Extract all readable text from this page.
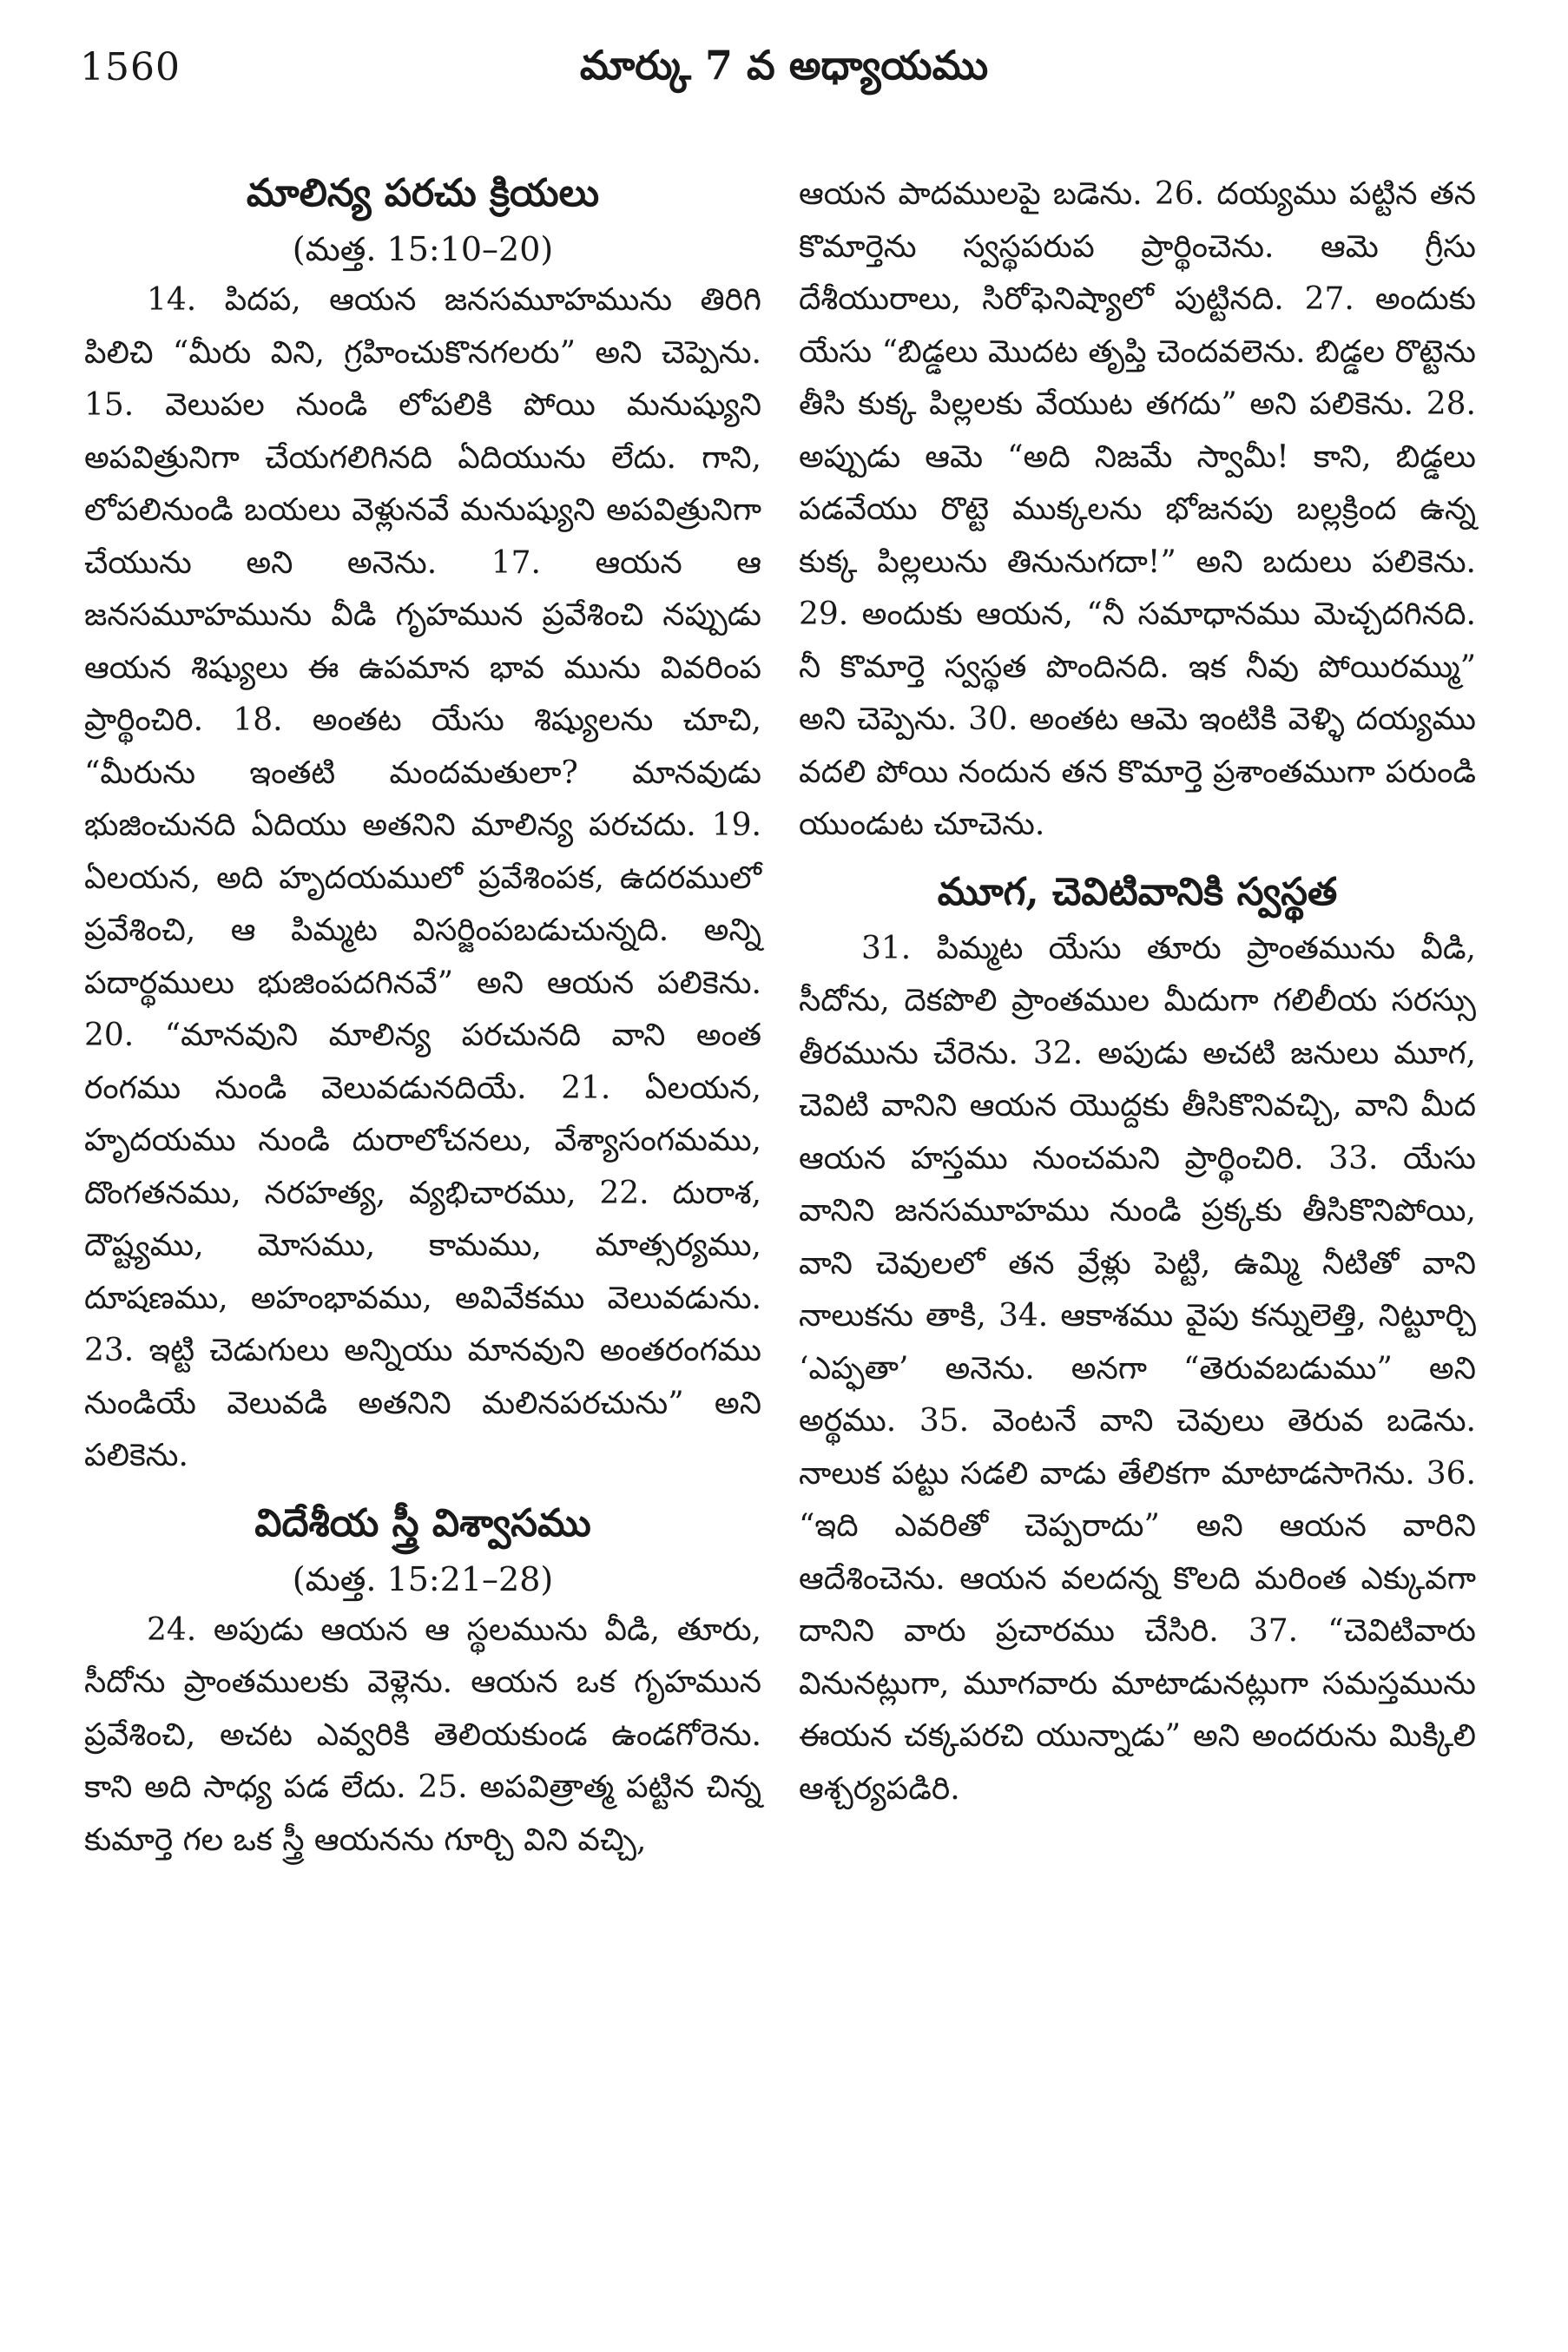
1560	మార్కు 7 వ అధ్యాయము

మాలిన్య పరచు క్రియలు

(మత్త. 15:10–20)

14. పిదప, ఆయన జనసమూహమును తిరిగి పిలిచి “మీరు విని, గ్రహించుకొనగలరు” అని చెప్పెను. 15. వెలుపల నుండి లోపలికి పోయి మనుష్యుని అపవిత్రునిగా చేయగలిగినది ఏదియును లేదు. గాని, లోపలినుండి బయలు వెళ్లునవే మనుష్యుని అపవిత్రునిగా చేయును అని అనెను. 17. ఆయన ఆ జనసమూహమును వీడి గృహమున ప్రవేశించి నప్పుడు ఆయన శిష్యులు ఈ ఉపమాన భావ మును వివరింప ప్రార్థించిరి. 18. అంతట యేసు శిష్యులను చూచి, “మీరును ఇంతటి మందమతులా? మానవుడు భుజించునది ఏదియు అతనిని మాలిన్య పరచదు. 19. ఏలయన, అది హృదయములో ప్రవేశింపక, ఉదరములో ప్రవేశించి, ఆ పిమ్మట విసర్జింపబడుచున్నది. అన్ని పదార్థములు భుజింపదగినవే” అని ఆయన పలికెను. 20. “మానవుని మాలిన్య పరచునది వాని అంత రంగము నుండి వెలువడునదియే. 21. ఏలయన, హృదయము నుండి దురాలోచనలు, వేశ్యాసంగమము, దొంగతనము, నరహత్య, వ్యభిచారము, 22. దురాశ, దౌష్ట్యము, మోసము, కామము, మాత్సర్యము, దూషణము, అహంభావము, అవివేకము వెలువడును. 23. ఇట్టి చెడుగులు అన్నియు మానవుని అంతరంగము నుండియే వెలువడి అతనిని మలినపరచును” అని పలికెను.

విదేశీయ స్త్రీ విశ్వాసము

(మత్త. 15:21–28)

24. అపుడు ఆయన ఆ స్థలమును వీడి, తూరు, సీదోను ప్రాంతములకు వెళ్లెను. ఆయన ఒక గృహమున ప్రవేశించి, అచట ఎవ్వరికి తెలియకుండ ఉండగోరెను. కాని అది సాధ్య పడ లేదు. 25. అపవిత్రాత్మ పట్టిన చిన్న కుమార్తె గల ఒక స్త్రీ ఆయనను గూర్చి విని వచ్చి,

ఆయన పాదములపై బడెను. 26. దయ్యము పట్టిన తన కొమార్తెను స్వస్థపరుప ప్రార్థించెను. ఆమె గ్రీసు దేశీయురాలు, సిరోఫెనిష్యాలో పుట్టినది. 27. అందుకు యేసు “బిడ్డలు మొదట తృప్తి చెందవలెను. బిడ్డల రొట్టెను తీసి కుక్క పిల్లలకు వేయుట తగదు” అని పలికెను. 28. అప్పుడు ఆమె “అది నిజమే స్వామీ! కాని, బిడ్డలు పడవేయు రొట్టె ముక్కలను భోజనపు బల్లక్రింద ఉన్న కుక్క పిల్లలును తినునుగదా!” అని బదులు పలికెను. 29. అందుకు ఆయన, “నీ సమాధానము మెచ్చదగినది. నీ కొమార్తె స్వస్థత పొందినది. ఇక నీవు పోయిరమ్ము” అని చెప్పెను. 30. అంతట ఆమె ఇంటికి వెళ్ళి దయ్యము వదలి పోయి నందున తన కొమార్తె ప్రశాంతముగా పరుండి యుండుట చూచెను.

మూగ, చెవిటివానికి స్వస్థత

31. పిమ్మట యేసు తూరు ప్రాంతమును వీడి, సీదోను, దెకపొలి ప్రాంతముల మీదుగా గలిలీయ సరస్సు తీరమును చేరెను. 32. అపుడు అచటి జనులు మూగ, చెవిటి వానిని ఆయన యొద్దకు తీసికొనివచ్చి, వాని మీద ఆయన హస్తము నుంచమని ప్రార్థించిరి. 33. యేసు వానిని జనసమూహము నుండి ప్రక్కకు తీసికొనిపోయి, వాని చెవులలో తన వ్రేళ్లు పెట్టి, ఉమ్మి నీటితో వాని నాలుకను తాకి, 34. ఆకాశము వైపు కన్నులెత్తి, నిట్టూర్చి ‘ఎప్ఫతా’ అనెను. అనగా “తెరువబడుము” అని అర్థము. 35. వెంటనే వాని చెవులు తెరువ బడెను. నాలుక పట్టు సడలి వాడు తేలికగా మాటాడసాగెను. 36. “ఇది ఎవరితో చెప్పరాదు” అని ఆయన వారిని ఆదేశించెను. ఆయన వలదన్న కొలది మరింత ఎక్కువగా దానిని వారు ప్రచారము చేసిరి. 37. “చెవిటివారు వినునట్లుగా, మూగవారు మాటాడునట్లుగా సమస్తమును ఈయన చక్కపరచి యున్నాడు” అని అందరును మిక్కిలి ఆశ్చర్యపడిరి.
